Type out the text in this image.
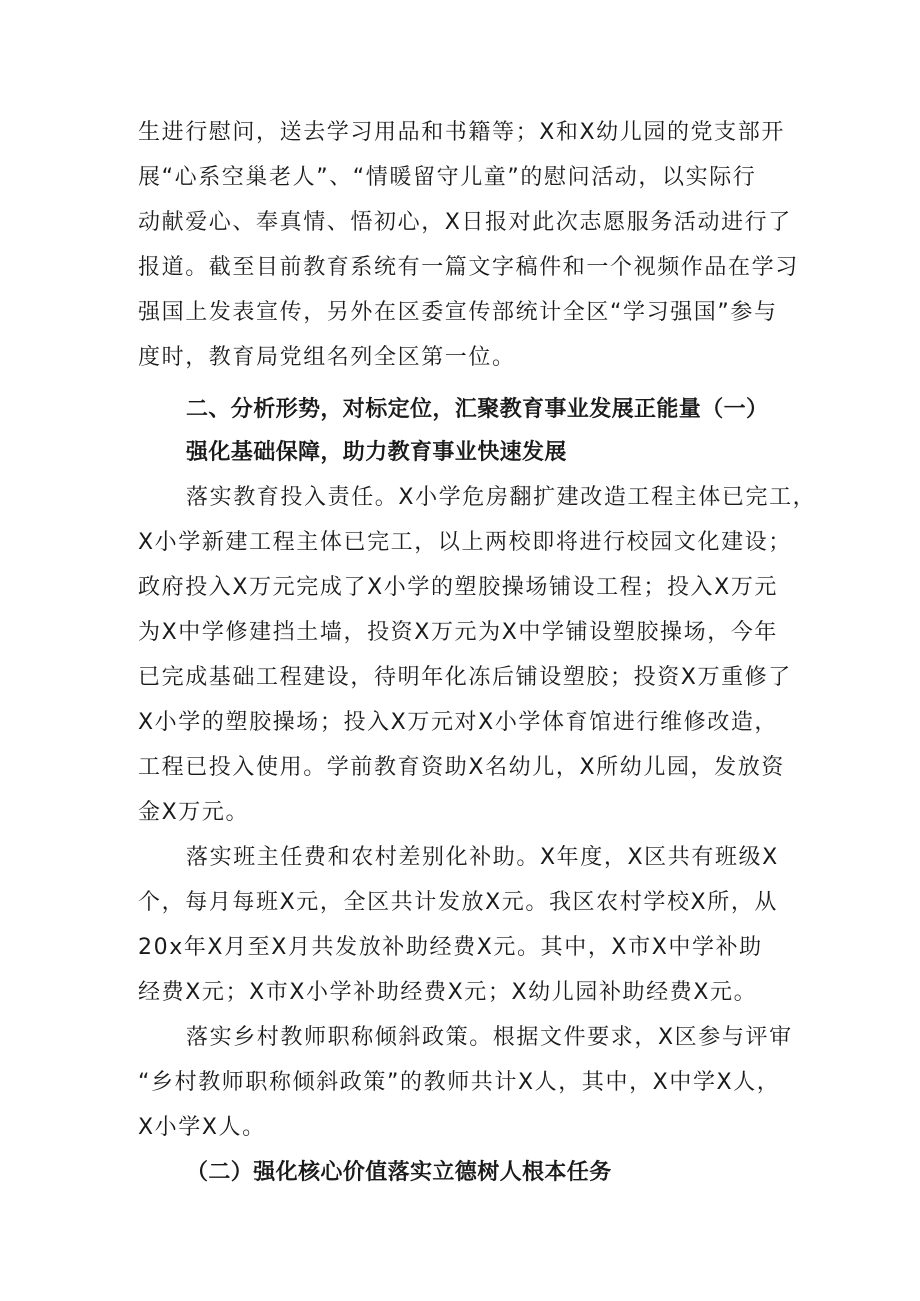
生进行慰问，送去学习用品和书籍等；X和X幼儿园的党支部开
展“心系空巢老人”、“情暖留守儿童”的慰问活动，以实际行
动献爱心、奉真情、悟初心，X日报对此次志愿服务活动进行了
报道。截至目前教育系统有一篇文字稿件和一个视频作品在学习
强国上发表宣传，另外在区委宣传部统计全区“学习强国”参与
度时，教育局党组名列全区第一位。
二、分析形势，对标定位，汇聚教育事业发展正能量（一）
强化基础保障，助力教育事业快速发展
落实教育投入责任。X小学危房翻扩建改造工程主体已完工，
X小学新建工程主体已完工，以上两校即将进行校园文化建设；
政府投入X万元完成了X小学的塑胶操场铺设工程；投入X万元
为X中学修建挡土墙，投资X万元为X中学铺设塑胶操场，今年
已完成基础工程建设，待明年化冻后铺设塑胶；投资X万重修了
X小学的塑胶操场；投入X万元对X小学体育馆进行维修改造，
工程已投入使用。学前教育资助X名幼儿，X所幼儿园，发放资
金X万元。
落实班主任费和农村差别化补助。X年度，X区共有班级X
个，每月每班X元，全区共计发放X元。我区农村学校X所，从
20x年X月至X月共发放补助经费X元。其中，X市X中学补助
经费X元；X市X小学补助经费X元；X幼儿园补助经费X元。
落实乡村教师职称倾斜政策。根据文件要求，X区参与评审
“乡村教师职称倾斜政策”的教师共计X人，其中，X中学X人，
X小学X人。
（二）强化核心价值落实立德树人根本任务
